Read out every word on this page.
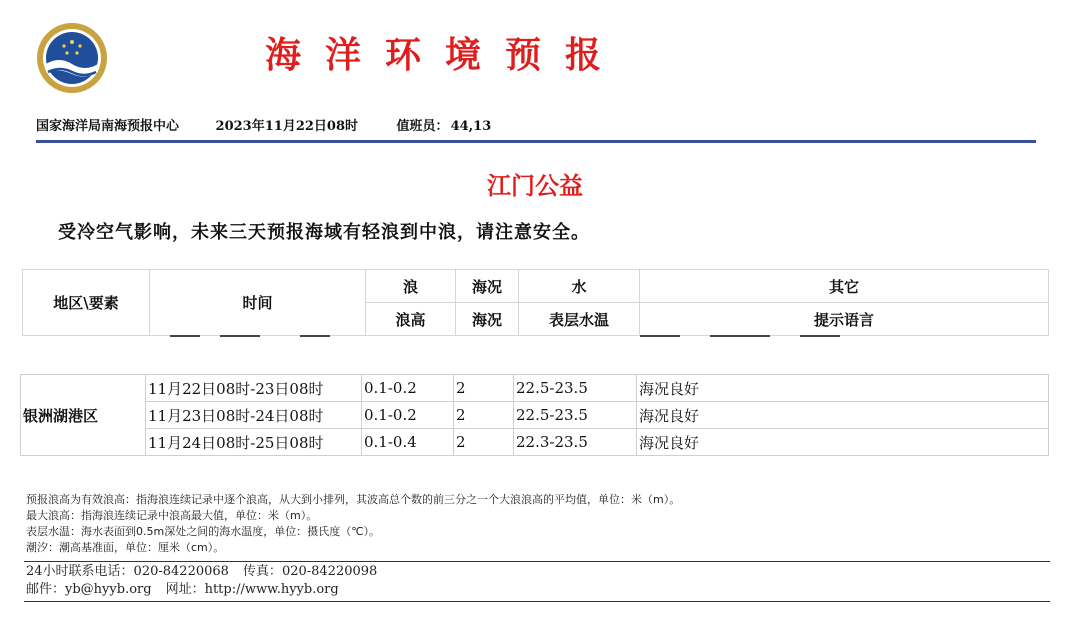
海洋环境预报
国家海洋局南海预报中心	2023年11月22日08时	值班员： 44,13
江门公益

受冷空气影响，未来三天预报海域有轻浪到中浪，请注意安全。

地区\要素	时间	浪	海况	水	其它
		浪高	海况	表层水温	提示语言
银洲湖港区	11月22日08时-23日08时	0.1-0.2	2	22.5-23.5	海况良好
	11月23日08时-24日08时	0.1-0.2	2	22.5-23.5	海况良好
	11月24日08时-25日08时	0.1-0.4	2	22.3-23.5	海况良好
预报浪高为有效浪高：指海浪连续记录中逐个浪高，从大到小排列，其波高总个数的前三分之一个大浪浪高的平均值，单位：米（m）。
最大浪高：指海浪连续记录中浪高最大值，单位：米（m）。
表层水温：海水表面到0.5m深处之间的海水温度，单位：摄氏度（℃）。
潮汐：潮高基准面，单位：厘米（cm）。
24小时联系电话：020-84220068 传真：020-84220098
邮件：yb@hyyb.org 网址：http://www.hyyb.org
